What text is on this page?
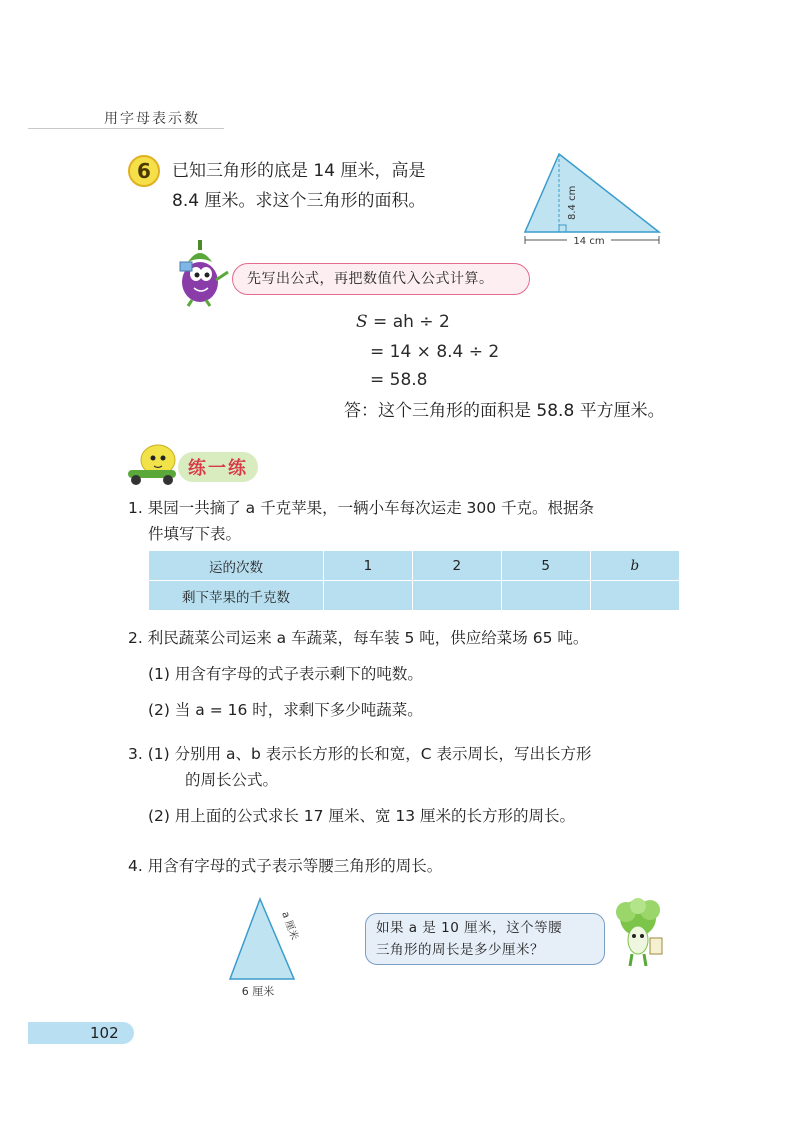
用字母表示数
6	已知三角形的底是 14 厘米，高是
8.4 厘米。求这个三角形的面积。
14 cm
8.4 cm
先写出公式，再把数值代入公式计算。
S = ah ÷ 2
= 14 × 8.4 ÷ 2
= 58.8
答：这个三角形的面积是 58.8 平方厘米。
练一练
1. 果园一共摘了 a 千克苹果，一辆小车每次运走 300 千克。根据条
件填写下表。
运的次数	1	2	5	b
剩下苹果的千克数				
2. 利民蔬菜公司运来 a 车蔬菜，每车装 5 吨，供应给菜场 65 吨。
(1) 用含有字母的式子表示剩下的吨数。
(2) 当 a = 16 时，求剩下多少吨蔬菜。
3. (1) 分别用 a、b 表示长方形的长和宽，C 表示周长，写出长方形
的周长公式。
(2) 用上面的公式求长 17 厘米、宽 13 厘米的长方形的周长。
4. 用含有字母的式子表示等腰三角形的周长。
a 厘米
6 厘米
如果 a 是 10 厘米，这个等腰
三角形的周长是多少厘米？
102
